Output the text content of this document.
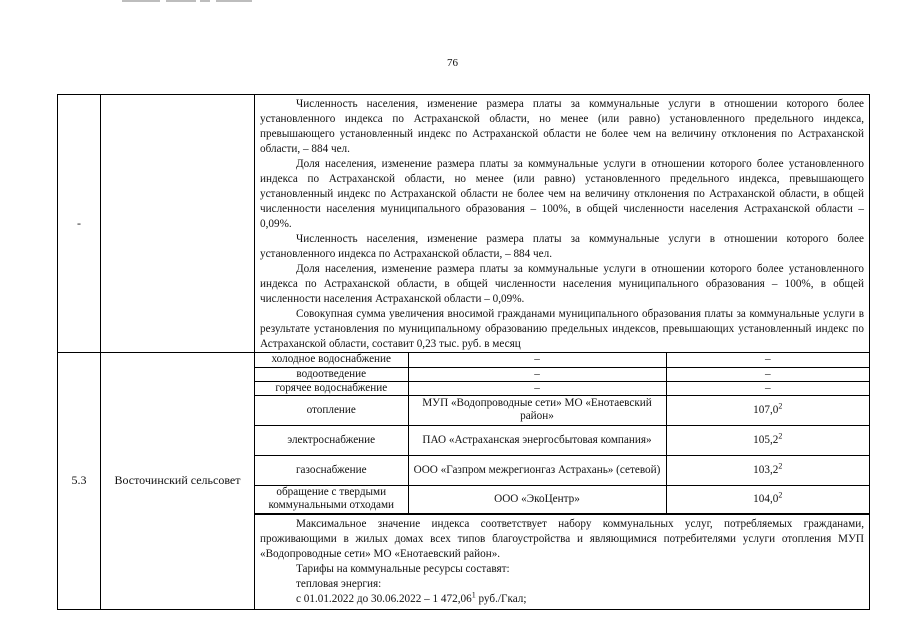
76
-

Численность населения, изменение размера платы за коммунальные услуги в отношении которого более установленного индекса по Астраханской области, но менее (или равно) установленного предельного индекса, превышающего установленный индекс по Астраханской области не более чем на величину отклонения по Астраханской области, – 884 чел.

Доля населения, изменение размера платы за коммунальные услуги в отношении которого более установленного индекса по Астраханской области, но менее (или равно) установленного предельного индекса, превышающего установленный индекс по Астраханской области не более чем на величину отклонения по Астраханской области, в общей численности населения муниципального образования – 100%, в общей численности населения Астраханской области – 0,09%.

Численность населения, изменение размера платы за коммунальные услуги в отношении которого более установленного индекса по Астраханской области, – 884 чел.

Доля населения, изменение размера платы за коммунальные услуги в отношении которого более установленного индекса по Астраханской области, в общей численности населения муниципального образования – 100%, в общей численности населения Астраханской области – 0,09%.

Совокупная сумма увеличения вносимой гражданами муниципального образования платы за коммунальные услуги в результате установления по муниципальному образованию предельных индексов, превышающих установленный индекс по Астраханской области, составит 0,23 тыс. руб. в месяц

5.3	Восточинский сельсовет	
холодное водоснабжение	–	–
водоотведение	–	–
горячее водоснабжение	–	–
отопление	МУП «Водопроводные сети» МО «Енотаевский район»	107,0$^2$
электроснабжение	ПАО «Астраханская энергосбытовая компания»	105,2$^2$
газоснабжение	ООО «Газпром межрегионгаз Астрахань» (сетевой)	103,2$^2$
обращение с твердыми коммунальными отходами	ООО «ЭкоЦентр»	104,0$^2$

Максимальное значение индекса соответствует набору коммунальных услуг, потребляемых гражданами, проживающими в жилых домах всех типов благоустройства и являющимися потребителями услуги отопления МУП «Водопроводные сети» МО «Енотаевский район».

Тарифы на коммунальные ресурсы составят:

тепловая энергия:

с 01.01.2022 до 30.06.2022 – 1 472,06$^1$ руб./Гкал;
